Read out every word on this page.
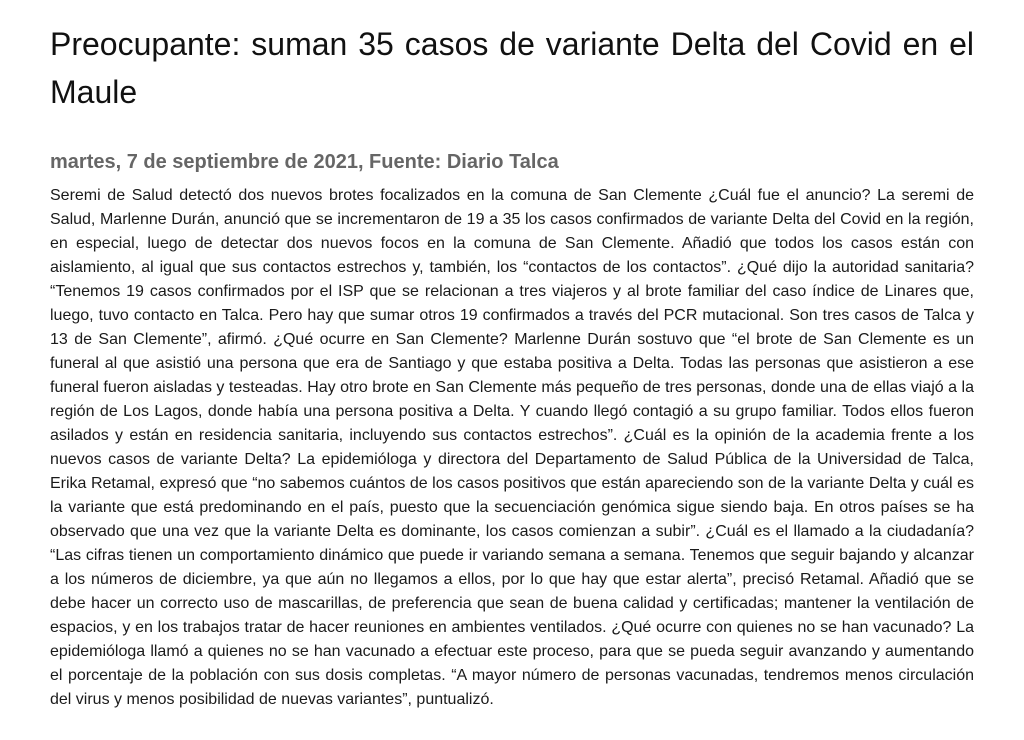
Preocupante: suman 35 casos de variante Delta del Covid en el Maule
martes, 7 de septiembre de 2021, Fuente: Diario Talca

Seremi de Salud detectó dos nuevos brotes focalizados en la comuna de San Clemente ¿Cuál fue el anuncio? La seremi de Salud, Marlenne Durán, anunció que se incrementaron de 19 a 35 los casos confirmados de variante Delta del Covid en la región, en especial, luego de detectar dos nuevos focos en la comuna de San Clemente. Añadió que todos los casos están con aislamiento, al igual que sus contactos estrechos y, también, los “contactos de los contactos”. ¿Qué dijo la autoridad sanitaria? “Tenemos 19 casos confirmados por el ISP que se relacionan a tres viajeros y al brote familiar del caso índice de Linares que, luego, tuvo contacto en Talca. Pero hay que sumar otros 19 confirmados a través del PCR mutacional. Son tres casos de Talca y 13 de San Clemente”, afirmó. ¿Qué ocurre en San Clemente? Marlenne Durán sostuvo que “el brote de San Clemente es un funeral al que asistió una persona que era de Santiago y que estaba positiva a Delta. Todas las personas que asistieron a ese funeral fueron aisladas y testeadas. Hay otro brote en San Clemente más pequeño de tres personas, donde una de ellas viajó a la región de Los Lagos, donde había una persona positiva a Delta. Y cuando llegó contagió a su grupo familiar. Todos ellos fueron asilados y están en residencia sanitaria, incluyendo sus contactos estrechos”. ¿Cuál es la opinión de la academia frente a los nuevos casos de variante Delta? La epidemióloga y directora del Departamento de Salud Pública de la Universidad de Talca, Erika Retamal, expresó que “no sabemos cuántos de los casos positivos que están apareciendo son de la variante Delta y cuál es la variante que está predominando en el país, puesto que la secuenciación genómica sigue siendo baja. En otros países se ha observado que una vez que la variante Delta es dominante, los casos comienzan a subir”. ¿Cuál es el llamado a la ciudadanía? “Las cifras tienen un comportamiento dinámico que puede ir variando semana a semana. Tenemos que seguir bajando y alcanzar a los números de diciembre, ya que aún no llegamos a ellos, por lo que hay que estar alerta”, precisó Retamal. Añadió que se debe hacer un correcto uso de mascarillas, de preferencia que sean de buena calidad y certificadas; mantener la ventilación de espacios, y en los trabajos tratar de hacer reuniones en ambientes ventilados. ¿Qué ocurre con quienes no se han vacunado? La epidemióloga llamó a quienes no se han vacunado a efectuar este proceso, para que se pueda seguir avanzando y aumentando el porcentaje de la población con sus dosis completas. “A mayor número de personas vacunadas, tendremos menos circulación del virus y menos posibilidad de nuevas variantes”, puntualizó.
